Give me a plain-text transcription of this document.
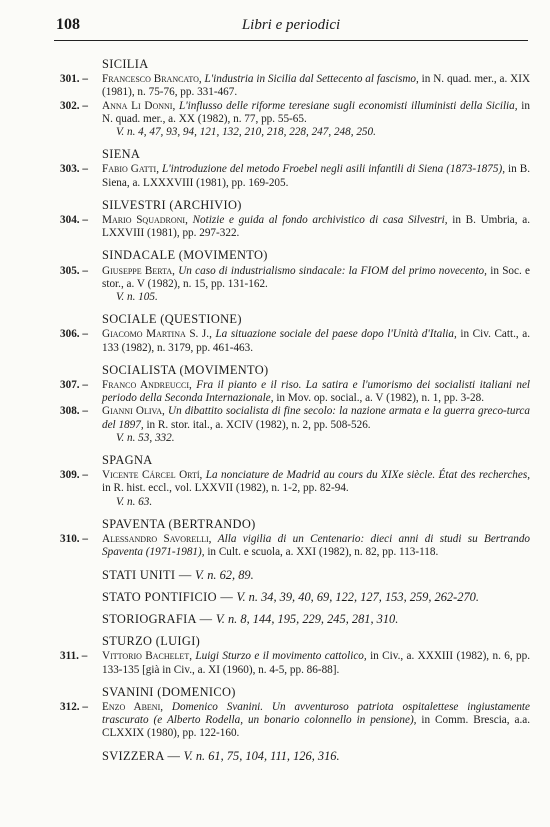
108	Libri e periodici
SICILIA
301. – Francesco Brancato, L'industria in Sicilia dal Settecento al fascismo, in N. quad. mer., a. XIX (1981), n. 75-76, pp. 331-467.
302. – Anna Li Donni, L'influsso delle riforme teresiane sugli economisti illuministi della Sicilia, in N. quad. mer., a. XX (1982), n. 77, pp. 55-65.
V. n. 4, 47, 93, 94, 121, 132, 210, 218, 228, 247, 248, 250.
SIENA
303. – Fabio Gatti, L'introduzione del metodo Froebel negli asili infantili di Siena (1873-1875), in B. Siena, a. LXXXVIII (1981), pp. 169-205.
SILVESTRI (ARCHIVIO)
304. – Mario Squadroni, Notizie e guida al fondo archivistico di casa Silvestri, in B. Umbria, a. LXXVIII (1981), pp. 297-322.
SINDACALE (MOVIMENTO)
305. – Giuseppe Berta, Un caso di industrialismo sindacale: la FIOM del primo novecento, in Soc. e stor., a. V (1982), n. 15, pp. 131-162.
V. n. 105.
SOCIALE (QUESTIONE)
306. – Giacomo Martina S. J., La situazione sociale del paese dopo l'Unità d'Italia, in Civ. Catt., a. 133 (1982), n. 3179, pp. 461-463.
SOCIALISTA (MOVIMENTO)
307. – Franco Andreucci, Fra il pianto e il riso. La satira e l'umorismo dei socialisti italiani nel periodo della Seconda Internazionale, in Mov. op. social., a. V (1982), n. 1, pp. 3-28.
308. – Gianni Oliva, Un dibattito socialista di fine secolo: la nazione armata e la guerra greco-turca del 1897, in R. stor. ital., a. XCIV (1982), n. 2, pp. 508-526.
V. n. 53, 332.
SPAGNA
309. – Vicente Cárcel Ortí, La nonciature de Madrid au cours du XIXe siècle. État des recherches, in R. hist. eccl., vol. LXXVII (1982), n. 1-2, pp. 82-94.
V. n. 63.
SPAVENTA (BERTRANDO)
310. – Alessandro Savorelli, Alla vigilia di un Centenario: dieci anni di studi su Bertrando Spaventa (1971-1981), in Cult. e scuola, a. XXI (1982), n. 82, pp. 113-118.
STATI UNITI — V. n. 62, 89.
STATO PONTIFICIO — V. n. 34, 39, 40, 69, 122, 127, 153, 259, 262-270.
STORIOGRAFIA — V. n. 8, 144, 195, 229, 245, 281, 310.
STURZO (LUIGI)
311. – Vittorio Bachelet, Luigi Sturzo e il movimento cattolico, in Civ., a. XXXIII (1982), n. 6, pp. 133-135 [già in Civ., a. XI (1960), n. 4-5, pp. 86-88].
SVANINI (DOMENICO)
312. – Enzo Abeni, Domenico Svanini. Un avventuroso patriota ospitalettese ingiustamente trascurato (e Alberto Rodella, un bonario colonnello in pensione), in Comm. Brescia, a.a. CLXXIX (1980), pp. 122-160.
SVIZZERA — V. n. 61, 75, 104, 111, 126, 316.
